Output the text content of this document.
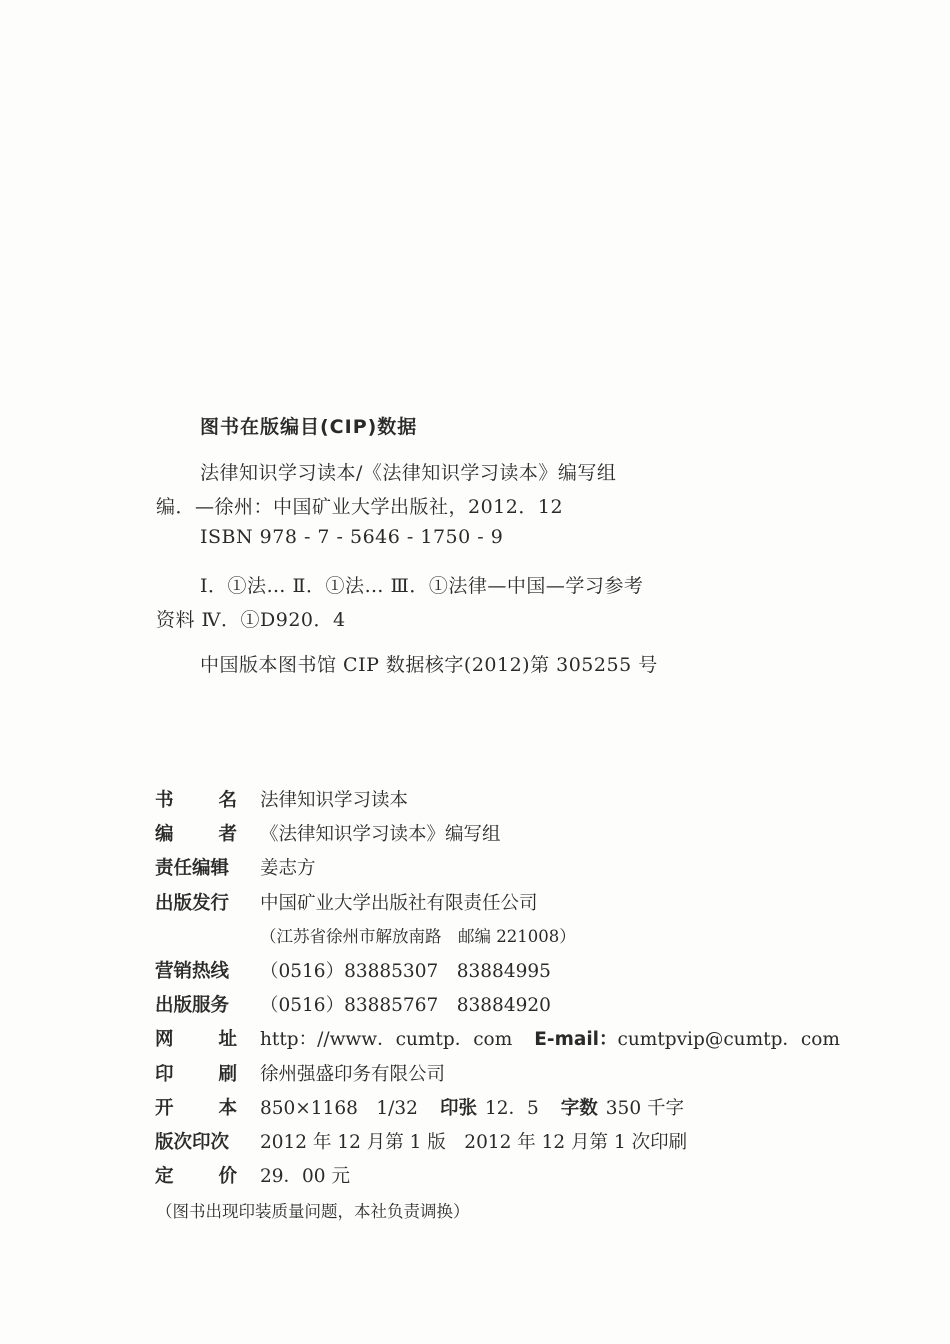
图书在版编目(CIP)数据
法律知识学习读本/《法律知识学习读本》编写组
编．—徐州：中国矿业大学出版社，2012．12
ISBN 978 - 7 - 5646 - 1750 - 9
Ⅰ．①法… Ⅱ．①法… Ⅲ．①法律—中国—学习参考
资料 Ⅳ．①D920．4
中国版本图书馆 CIP 数据核字(2012)第 305255 号
书 名 法律知识学习读本
编 者 《法律知识学习读本》编写组
责任编辑	姜志方
出版发行	中国矿业大学出版社有限责任公司
（江苏省徐州市解放南路　邮编 221008）
营销热线	（0516）83885307　83884995
出版服务	（0516）83885767　83884920
网 址 http：//www．cumtp．com E-mail： cumtpvip@cumtp．com
印 刷 徐州强盛印务有限公司
开 本 850×1168　1/32 印张 12．5 字数 350 千字
版次印次	2012 年 12 月第 1 版　2012 年 12 月第 1 次印刷
定 价 29．00 元
（图书出现印装质量问题，本社负责调换）
